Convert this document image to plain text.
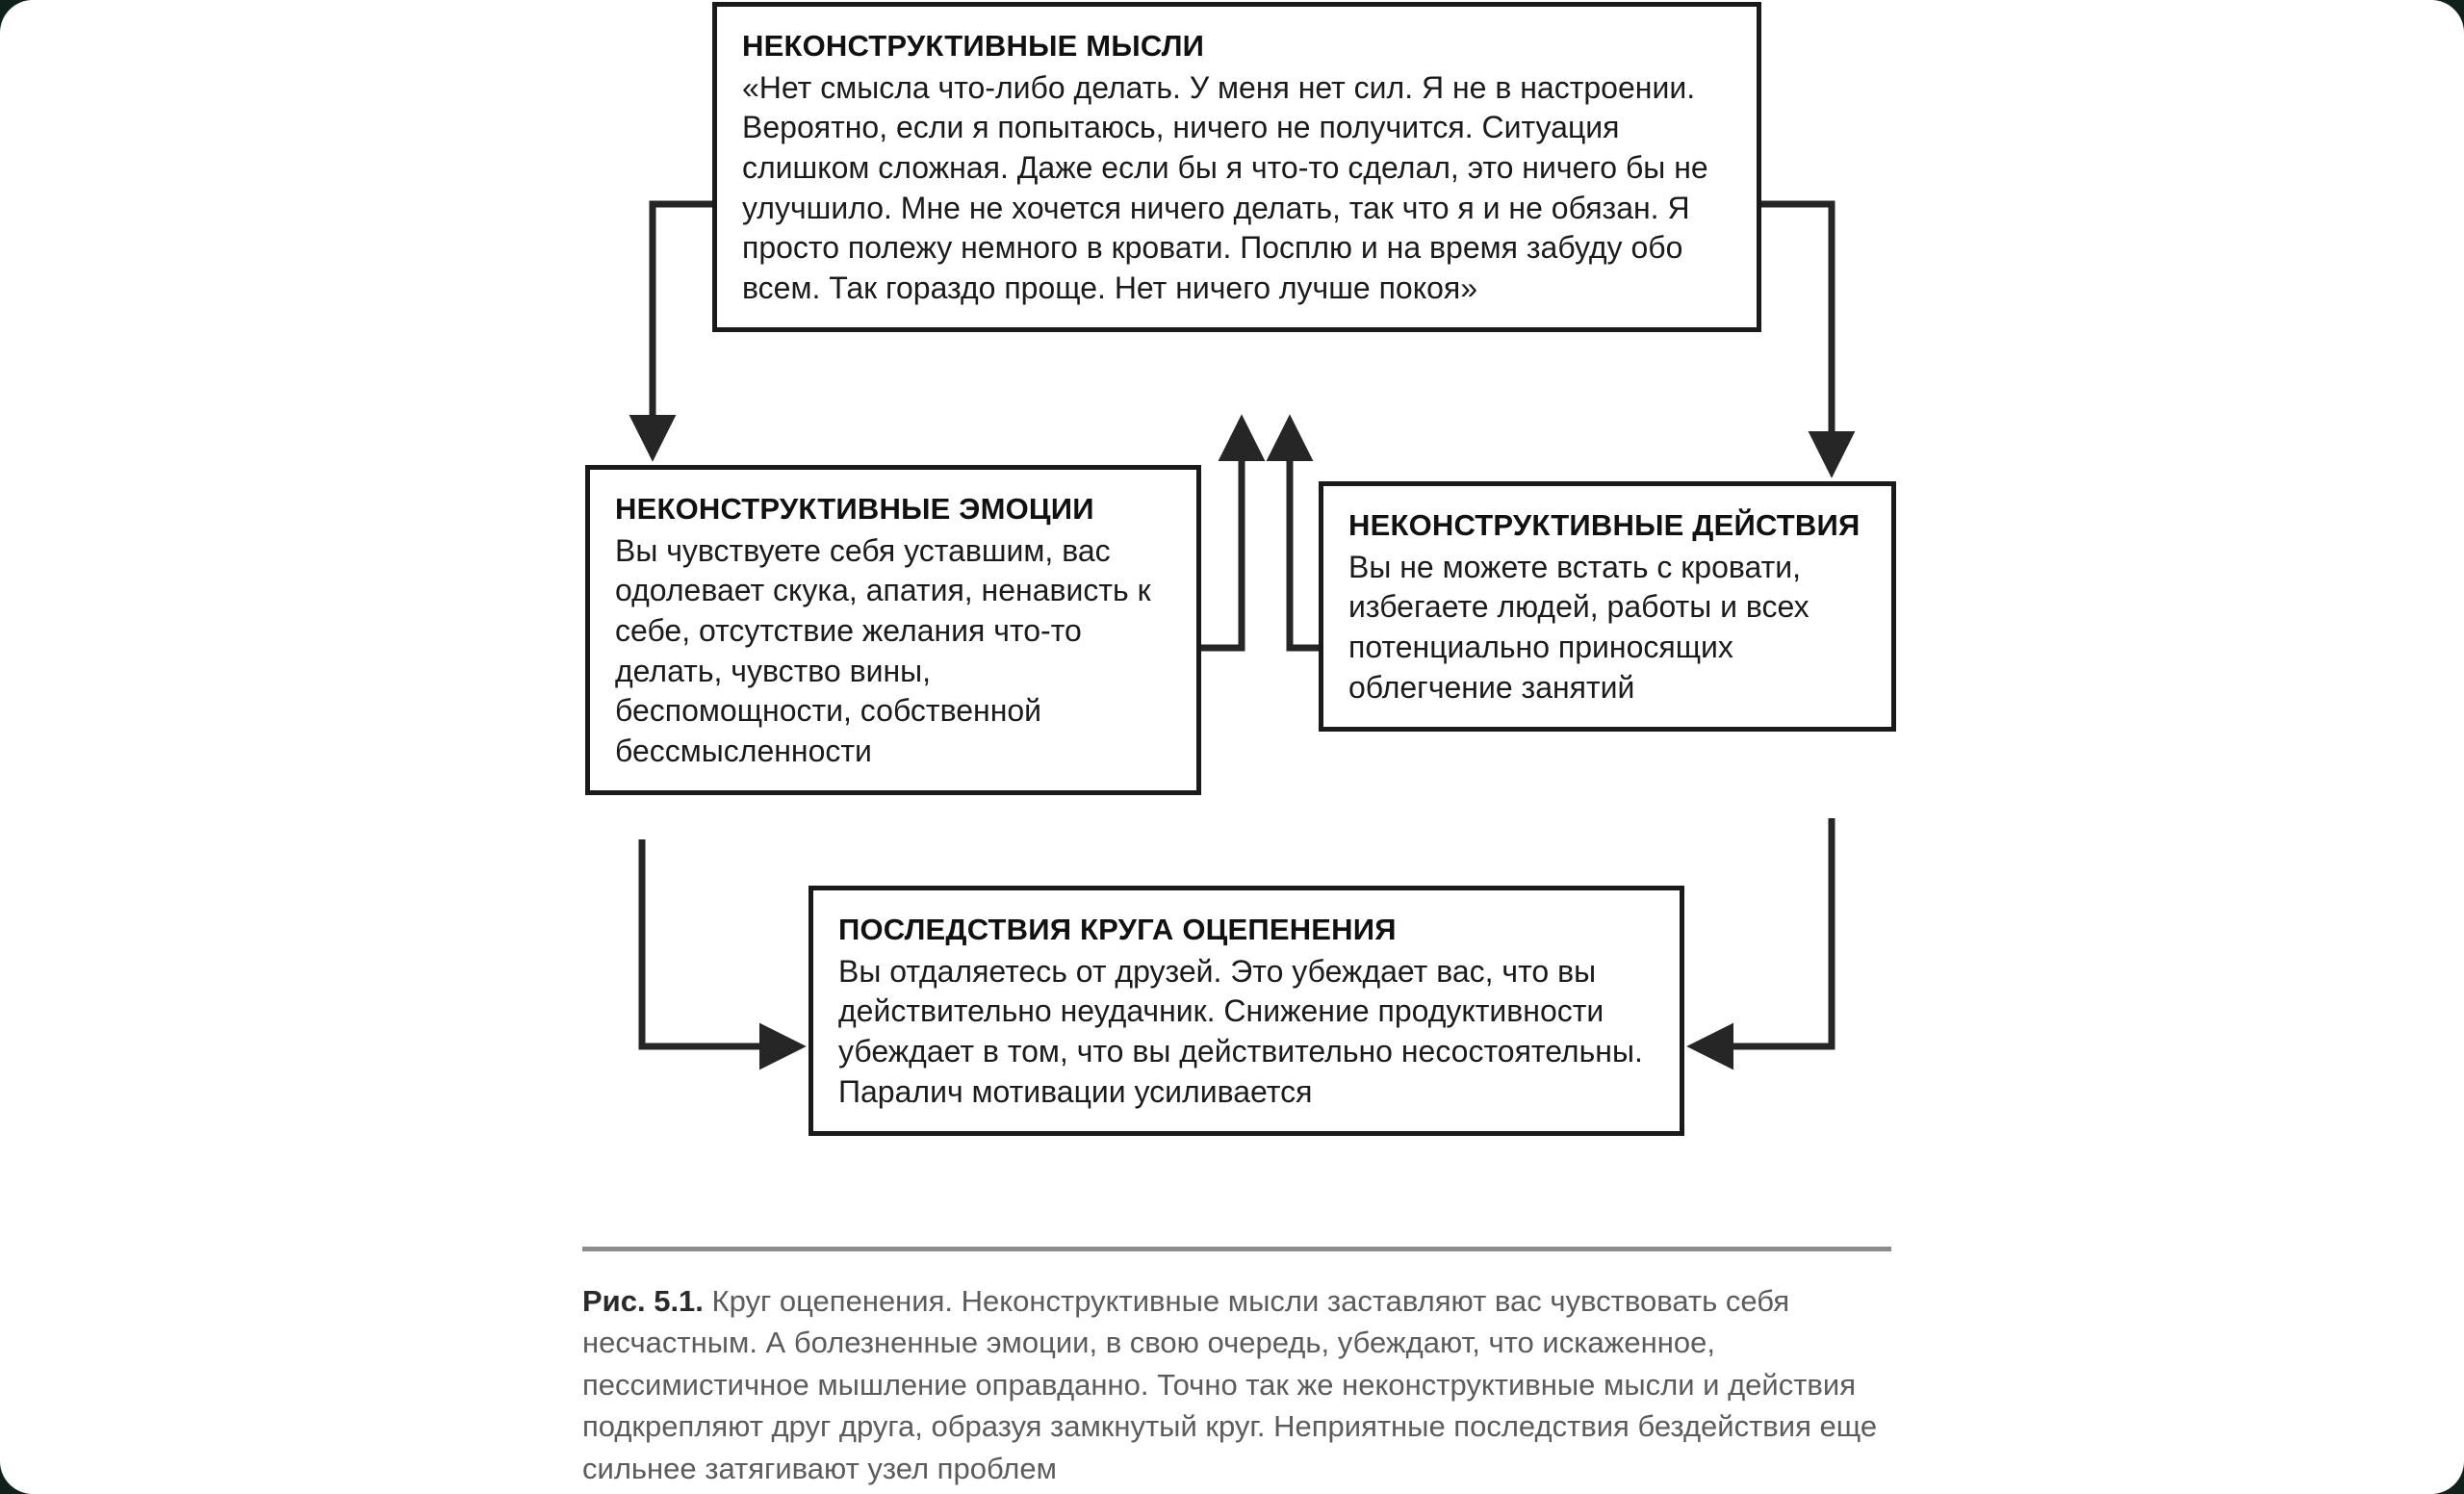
НЕКОНСТРУКТИВНЫЕ МЫСЛИ
«Нет смысла что-либо делать. У меня нет сил. Я не в настроении. Вероятно, если я попытаюсь, ничего не получится. Ситуация слишком сложная. Даже если бы я что-то сделал, это ничего бы не улучшило. Мне не хочется ничего делать, так что я и не обязан. Я просто полежу немного в кровати. Посплю и на время забуду обо всем. Так гораздо проще. Нет ничего лучше покоя»
НЕКОНСТРУКТИВНЫЕ ЭМОЦИИ
Вы чувствуете себя уставшим, вас одолевает скука, апатия, ненависть к себе, отсутствие желания что-то делать, чувство вины, беспомощности, собственной бессмысленности
НЕКОНСТРУКТИВНЫЕ ДЕЙСТВИЯ
Вы не можете встать с кровати, избегаете людей, работы и всех потенциально приносящих облегчение занятий
ПОСЛЕДСТВИЯ КРУГА ОЦЕПЕНЕНИЯ
Вы отдаляетесь от друзей. Это убеждает вас, что вы действительно неудачник. Снижение продуктивности убеждает в том, что вы действительно несостоятельны. Паралич мотивации усиливается
Рис. 5.1. Круг оцепенения. Неконструктивные мысли заставляют вас чувствовать себя несчастным. А болезненные эмоции, в свою очередь, убеждают, что искаженное, пессимистичное мышление оправданно. Точно так же неконструктивные мысли и действия подкрепляют друг друга, образуя замкнутый круг. Неприятные последствия бездействия еще сильнее затягивают узел проблем
